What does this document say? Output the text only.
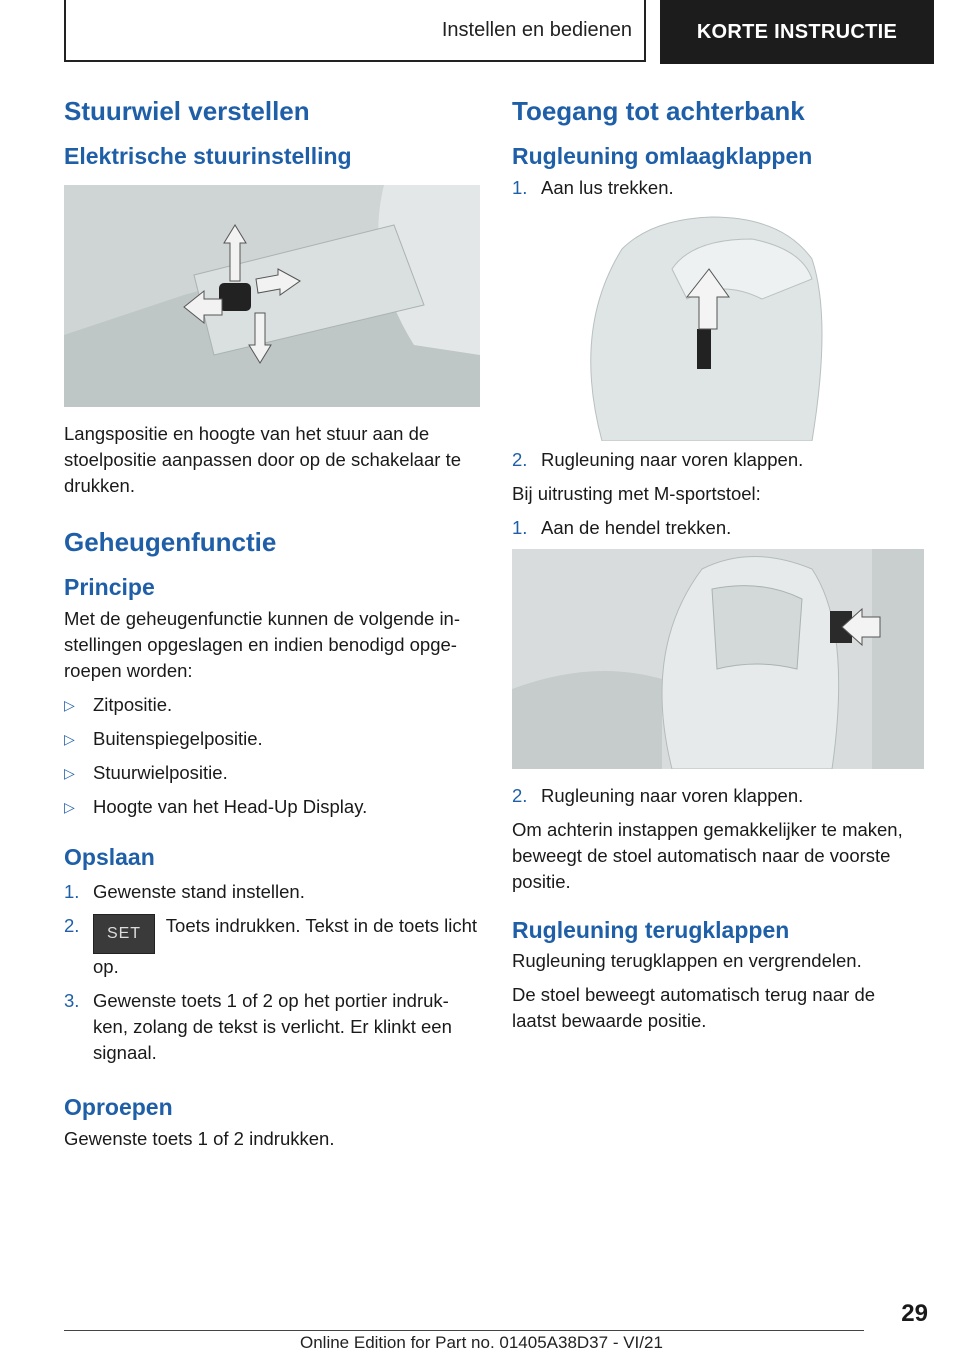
Instellen en bedienen	KORTE INSTRUCTIE
Stuurwiel verstellen
Elektrische stuurinstelling

Langspositie en hoogte van het stuur aan de stoelpositie aanpassen door op de schakelaar te drukken.

Geheugenfunctie
Principe

Met de geheugenfunctie kunnen de volgende in-stellingen opgeslagen en indien benodigd opge-roepen worden:

▷ Zitpositie.
▷ Buitenspiegelpositie.
▷ Stuurwielpositie.
▷ Hoogte van het Head-Up Display.
Opslaan
1. Gewenste stand instellen.
2.	SET Toets indrukken. Tekst in de toets licht op.
3. Gewenste toets 1 of 2 op het portier indruk-ken, zolang de tekst is verlicht. Er klinkt een signaal.
Oproepen

Gewenste toets 1 of 2 indrukken.

Toegang tot achterbank
Rugleuning omlaagklappen
1. Aan lus trekken.
2. Rugleuning naar voren klappen.

Bij uitrusting met M-sportstoel:

1. Aan de hendel trekken.
2. Rugleuning naar voren klappen.

Om achterin instappen gemakkelijker te maken, beweegt de stoel automatisch naar de voorste positie.

Rugleuning terugklappen

Rugleuning terugklappen en vergrendelen.

De stoel beweegt automatisch terug naar de laatst bewaarde positie.

29
Online Edition for Part no. 01405A38D37 - VI/21
